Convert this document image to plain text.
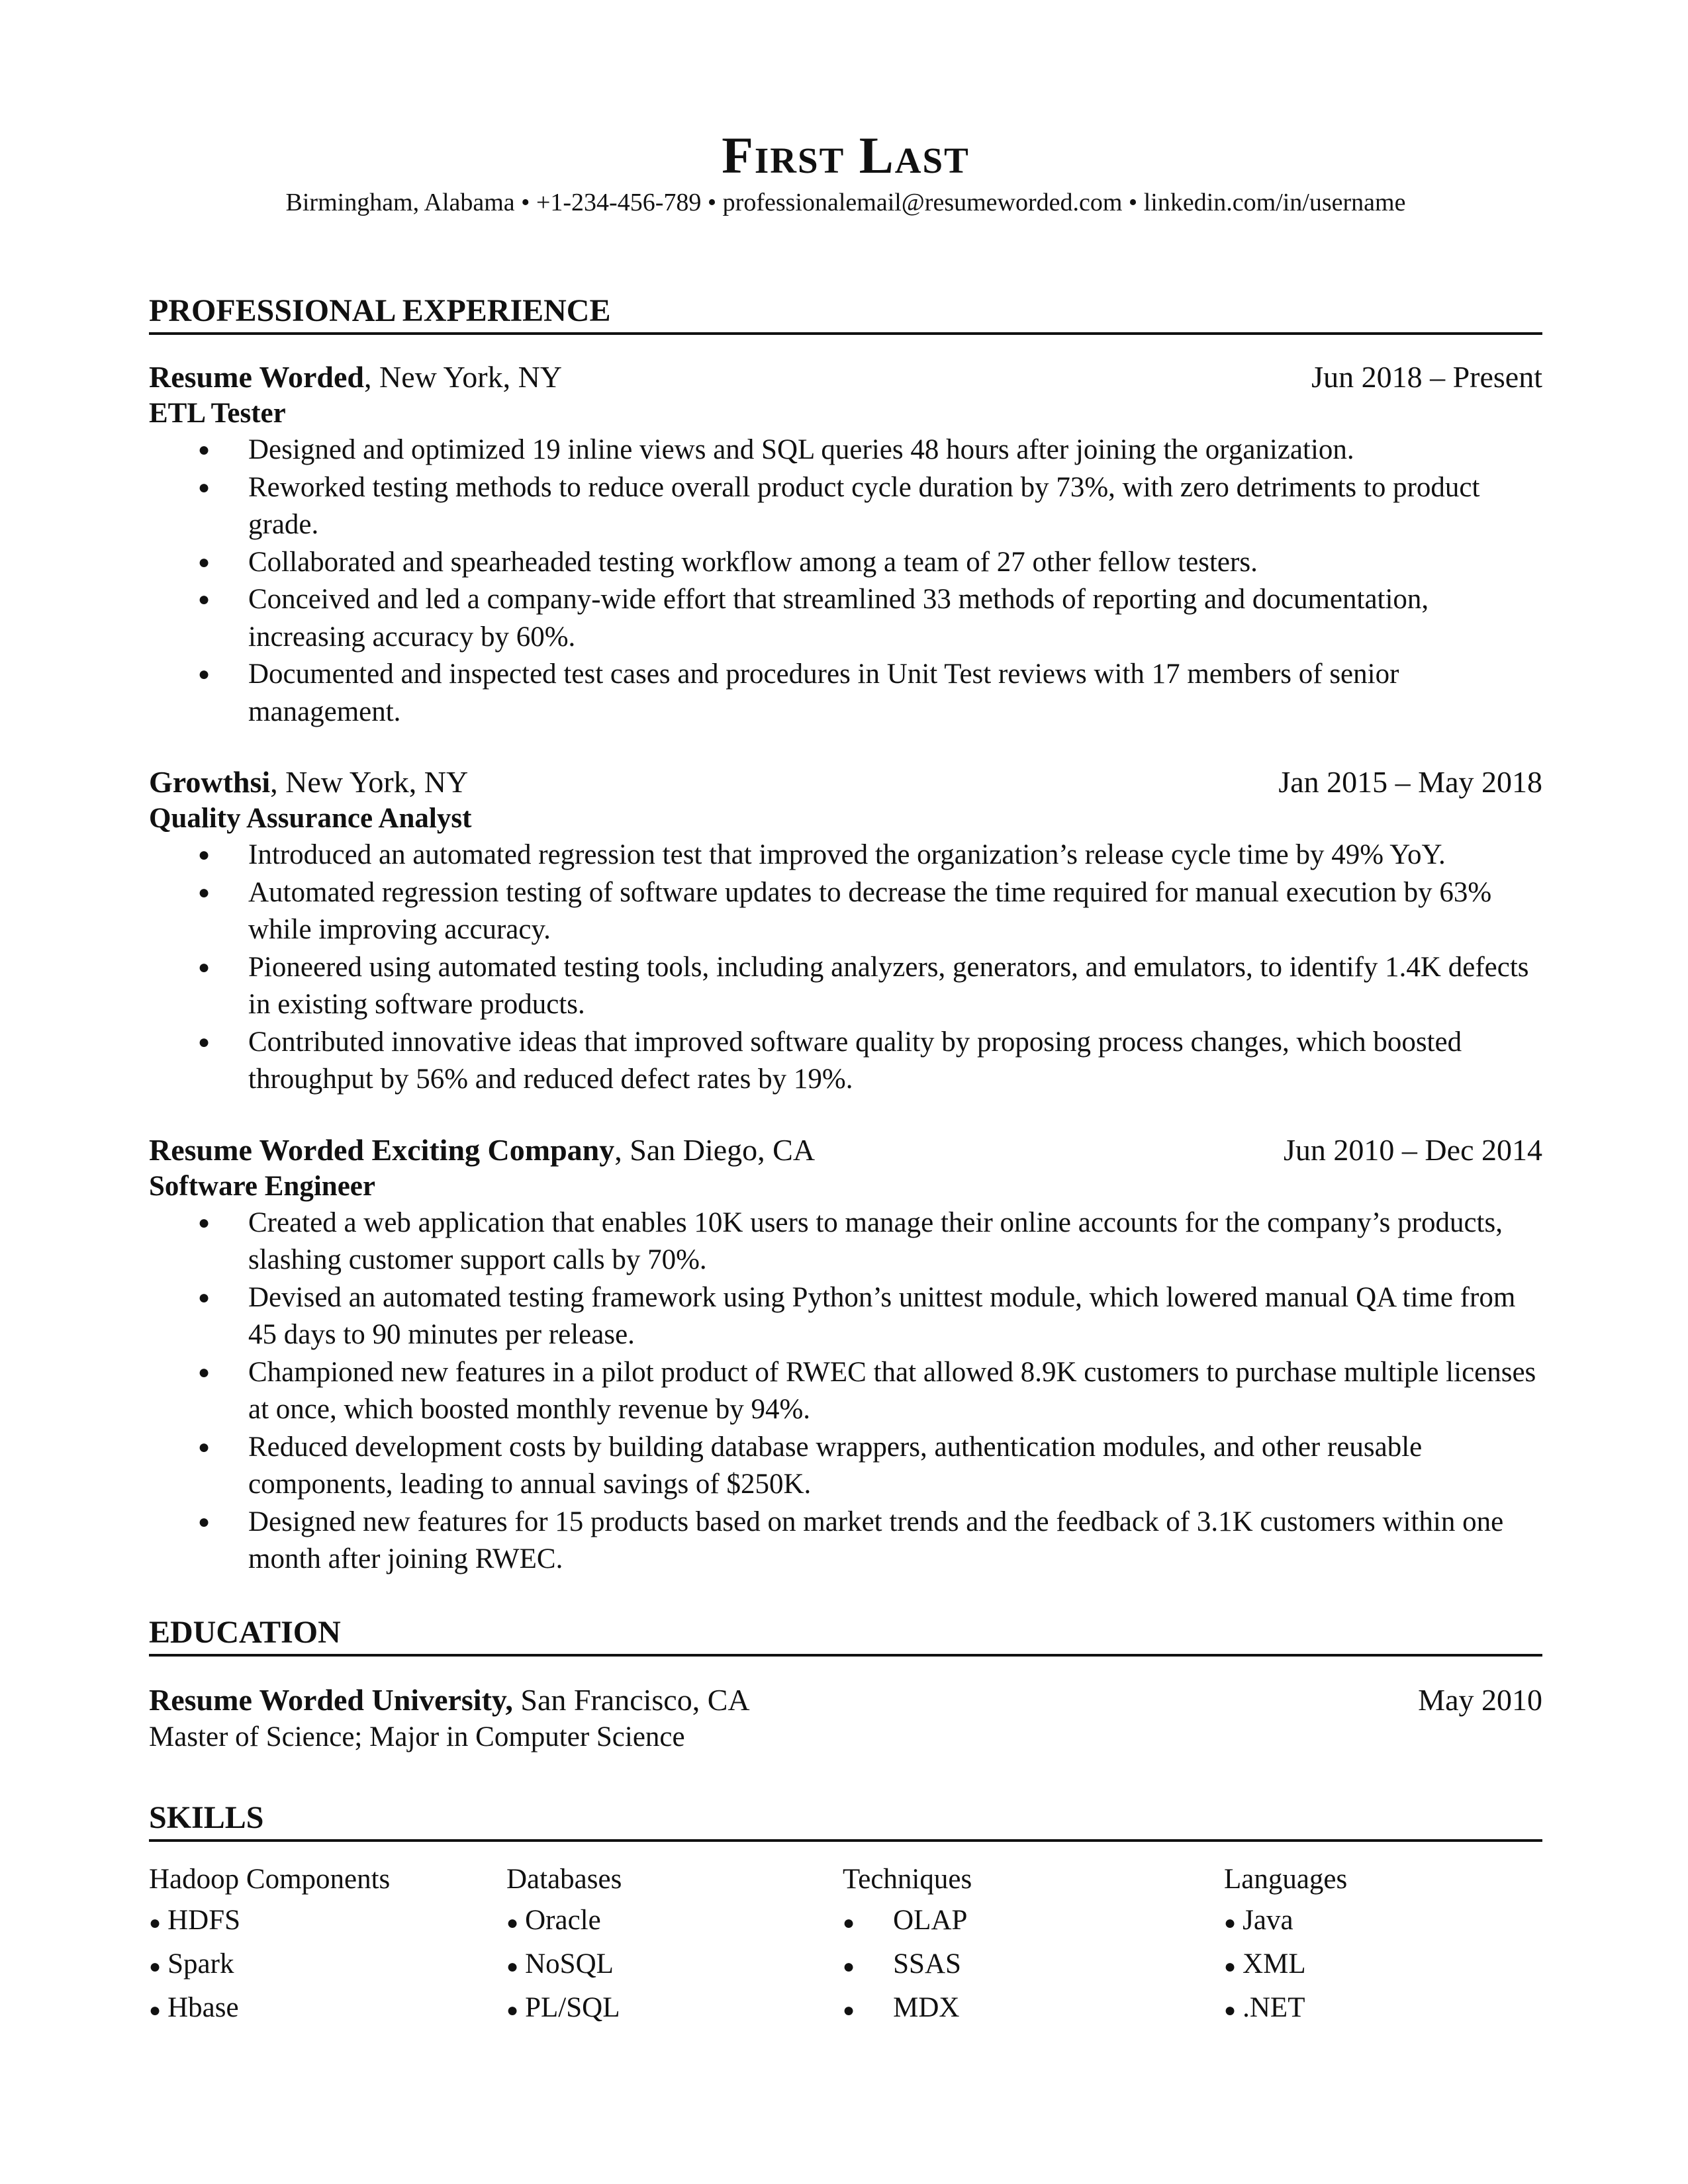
First Last
Birmingham, Alabama • +1-234-456-789 • professionalemail@resumeworded.com • linkedin.com/in/username
PROFESSIONAL EXPERIENCE
Resume Worded, New York, NY	Jun 2018 – Present
ETL Tester
● Designed and optimized 19 inline views and SQL queries 48 hours after joining the organization.
● Reworked testing methods to reduce overall product cycle duration by 73%, with zero detriments to product grade.
● Collaborated and spearheaded testing workflow among a team of 27 other fellow testers.
● Conceived and led a company-wide effort that streamlined 33 methods of reporting and documentation, increasing accuracy by 60%.
● Documented and inspected test cases and procedures in Unit Test reviews with 17 members of senior management.
Growthsi, New York, NY	Jan 2015 – May 2018
Quality Assurance Analyst
● Introduced an automated regression test that improved the organization’s release cycle time by 49% YoY.
● Automated regression testing of software updates to decrease the time required for manual execution by 63% while improving accuracy.
● Pioneered using automated testing tools, including analyzers, generators, and emulators, to identify 1.4K defects in existing software products.
● Contributed innovative ideas that improved software quality by proposing process changes, which boosted throughput by 56% and reduced defect rates by 19%.
Resume Worded Exciting Company, San Diego, CA	Jun 2010 – Dec 2014
Software Engineer
● Created a web application that enables 10K users to manage their online accounts for the company’s products, slashing customer support calls by 70%.
● Devised an automated testing framework using Python’s unittest module, which lowered manual QA time from 45 days to 90 minutes per release.
● Championed new features in a pilot product of RWEC that allowed 8.9K customers to purchase multiple licenses at once, which boosted monthly revenue by 94%.
● Reduced development costs by building database wrappers, authentication modules, and other reusable components, leading to annual savings of $250K.
● Designed new features for 15 products based on market trends and the feedback of 3.1K customers within one month after joining RWEC.
EDUCATION
Resume Worded University, San Francisco, CA	May 2010
Master of Science; Major in Computer Science
SKILLS
Hadoop Components
● HDFS
● Spark
● Hbase
Databases
● Oracle
● NoSQL
● PL/SQL
Techniques
● OLAP
● SSAS
● MDX
Languages
● Java
● XML
● .NET
